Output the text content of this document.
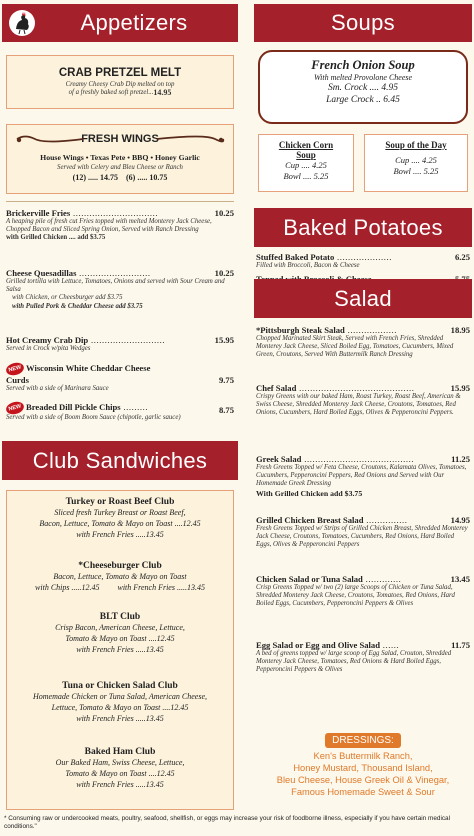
Appetizers
CRAB PRETZEL MELT
Creamy Cheesy Crab Dip melted on top
of a freshly baked soft pretzel ... 14.95
FRESH WINGS
House Wings • Texas Pete • BBQ • Honey Garlic
Served with Celery and Bleu Cheese or Ranch
(12) ..... 14.75 (6) ..... 10.75
Brickerville Fries ...............................	10.25
A heaping pile of fresh cut Fries topped with melted Monterey Jack Cheese, Chopped Bacon and Sliced Spring Onion, Served with Ranch Dressing
with Grilled Chicken .... add $3.75
Cheese Quesadillas ..........................	10.25
Grilled tortilla with Lettuce, Tomatoes, Onions and served with Sour Cream and Salsa
with Chicken, or Cheesburger add $3.75
with Pulled Pork & Cheddar Cheese add $3.75
Hot Creamy Crab Dip ...........................	15.95
Served in Crock w/pita Wedges
NEW Wisconsin White Cheddar Cheese Curds	9.75
Served with a side of Marinara Sauce
NEW Breaded Dill Pickle Chips .........	8.75
Served with a side of Boom Boom Sauce (chipotle, garlic sauce)
Club Sandwiches
Turkey or Roast Beef Club
Sliced fresh Turkey Breast or Roast Beef,
Bacon, Lettuce, Tomato & Mayo on Toast ....12.45
with French Fries .....13.45
*Cheeseburger Club
Bacon, Lettuce, Tomato & Mayo on Toast
with Chips .....12.45         with French Fries .....13.45
BLT Club
Crisp Bacon, American Cheese, Lettuce,
Tomato & Mayo on Toast ....12.45
with French Fries .....13.45
Tuna or Chicken Salad Club
Homemade Chicken or Tuna Salad, American Cheese,
Lettuce, Tomato & Mayo on Toast ....12.45
with French Fries .....13.45
Baked Ham Club
Our Baked Ham, Swiss Cheese, Lettuce,
Tomato & Mayo on Toast ....12.45
with French Fries .....13.45
* Consuming raw or undercooked meats, poultry, seafood, shellfish, or eggs may increase your risk of foodborne illness, especially if you have certain medical conditions."
Soups
French Onion Soup
With melted Provolone Cheese
Sm. Crock .... 4.95
Large Crock .. 6.45
Chicken Corn
Soup
Cup .... 4.25
Bowl .... 5.25
Soup of the Day
Cup .... 4.25
Bowl .... 5.25
Baked Potatoes
Stuffed Baked Potato ....................	6.25
Filled with Broccoli, Bacon & Cheese
Salad
*Pittsburgh Steak Salad ..................	18.95
Chopped Marinated Skirt Steak, Served with French Fries, Shredded Monterey Jack Cheese, Sliced Boiled Egg, Tomatoes, Cucumbers, Mixed Green, Croutons, Served With Buttermilk Ranch Dressing
Chef Salad ..........................................	15.95
Crispy Greens with our baked Ham, Roast Turkey, Roast Beef, American & Swiss Cheese, Shredded Monterey Jack Cheese, Croutons, Tomatoes, Red Onions, Cucumbers, Hard Boiled Eggs, Olives & Pepperoncini Peppers.
Greek Salad ........................................	11.25
Fresh Greens Topped w/ Feta Cheese, Croutons, Kalamata Olives, Tomatoes, Cucumbers, Pepperoncini Peppers, Red Onions and Served with Our Homemade Greek Dressing
With Grilled Chicken add $3.75
Grilled Chicken Breast Salad ...............	14.95
Fresh Greens Topped w/ Strips of Grilled Chicken Breast, Shredded Monterey Jack Cheese, Croutons, Tomatoes, Cucumbers, Red Onions, Hard Boiled Eggs, Olives & Pepperoncini Peppers
Chicken Salad or Tuna Salad .............	13.45
Crisp Greens Topped w/ two (2) large Scoops of Chicken or Tuna Salad, Shredded Monterey Jack Cheese, Croutons, Tomatoes, Red Onions, Hard Boiled Eggs, Cucumbers, Pepperoncini Peppers & Olives
Egg Salad or Egg and Olive Salad ......	11.75
A bed of greens topped w/ large scoop of Egg Salad, Crouton, Shredded Monterey Jack Cheese, Tomatoes, Red Onions & Hard Boiled Eggs, Pepperoncini Peppers & Olives
DRESSINGS:
Ken's Buttermilk Ranch,
Honey Mustard, Thousand Island,
Bleu Cheese, House Greek Oil & Vinegar,
Famous Homemade Sweet & Sour
